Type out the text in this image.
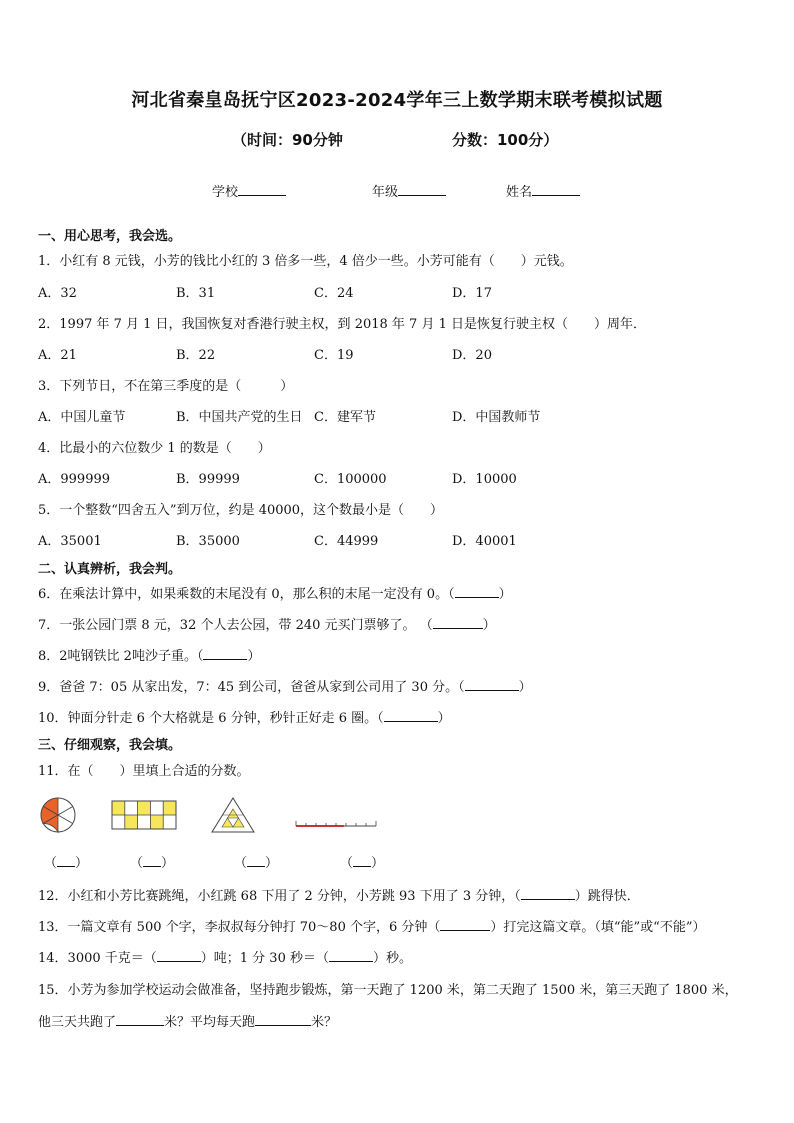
河北省秦皇岛抚宁区2023-2024学年三上数学期末联考模拟试题
（时间：90分钟	分数：100分）
学校	年级	姓名
一、用心思考，我会选。
1．小红有 8 元钱，小芳的钱比小红的 3 倍多一些，4 倍少一些。小芳可能有（　　）元钱。
A．32	B．31	C．24	D．17
2．1997 年 7 月 1 日，我国恢复对香港行驶主权，到 2018 年 7 月 1 日是恢复行驶主权（　　）周年．
A．21	B．22	C．19	D．20
3．下列节日，不在第三季度的是（　　　）
A．中国儿童节	B．中国共产党的生日 C．建军节	D．中国教师节
4．比最小的六位数少 1 的数是（　　）
A．999999	B．99999	C．100000	D．10000
5．一个整数“四舍五入”到万位，约是 40000，这个数最小是（　　）
A．35001	B．35000	C．44999	D．40001
二、认真辨析，我会判。
6．在乘法计算中，如果乘数的末尾没有 0，那么积的末尾一定没有 0。（	）
7．一张公园门票 8 元，32 个人去公园，带 240 元买门票够了。 （	）
8．2吨钢铁比 2吨沙子重。（	）
9．爸爸 7：05 从家出发，7：45 到公司，爸爸从家到公司用了 30 分。（	）
10．钟面分针走 6 个大格就是 6 分钟，秒针正好走 6 圈。（	）
三、仔细观察，我会填。
11．在（　　）里填上合适的分数。
（ ）	（ ）	（ ）	（ ）
12．小红和小芳比赛跳绳，小红跳 68 下用了 2 分钟，小芳跳 93 下用了 3 分钟，（	）跳得快．
13．一篇文章有 500 个字，李叔叔每分钟打 70～80 个字，6 分钟（	）打完这篇文章。（填“能”或“不能”）
14．3000 千克＝（	）吨；1 分 30 秒＝（	）秒。
15．小芳为参加学校运动会做准备，坚持跑步锻炼，第一天跑了 1200 米，第二天跑了 1500 米，第三天跑了 1800 米，
他三天共跑了	米？平均每天跑	米？
